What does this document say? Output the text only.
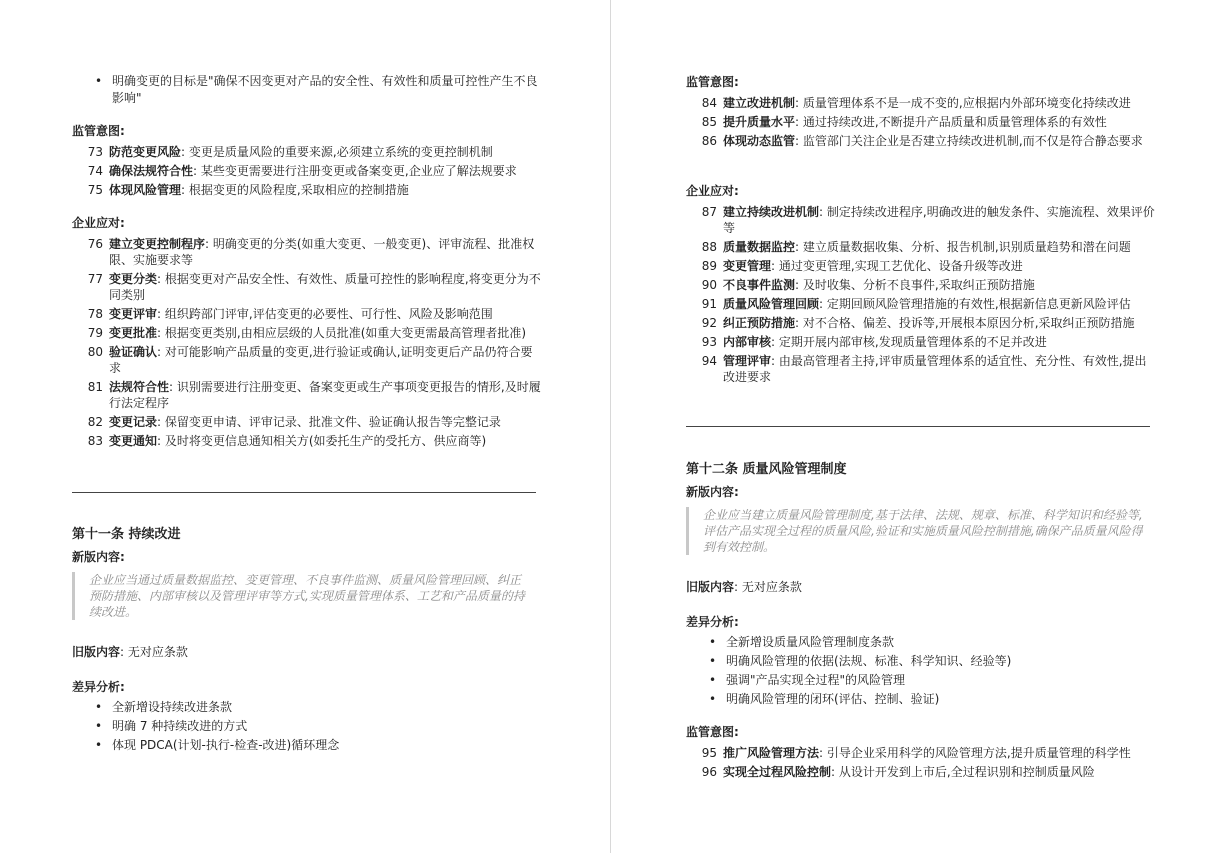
• 明确变更的目标是"确保不因变更对产品的安全性、有效性和质量可控性产生不良影响"
监管意图:
73 防范变更风险: 变更是质量风险的重要来源,必须建立系统的变更控制机制
74 确保法规符合性: 某些变更需要进行注册变更或备案变更,企业应了解法规要求
75 体现风险管理: 根据变更的风险程度,采取相应的控制措施
企业应对:
76 建立变更控制程序: 明确变更的分类(如重大变更、一般变更)、评审流程、批准权限、实施要求等
77 变更分类: 根据变更对产品安全性、有效性、质量可控性的影响程度,将变更分为不同类别
78 变更评审: 组织跨部门评审,评估变更的必要性、可行性、风险及影响范围
79 变更批准: 根据变更类别,由相应层级的人员批准(如重大变更需最高管理者批准)
80 验证确认: 对可能影响产品质量的变更,进行验证或确认,证明变更后产品仍符合要求
81 法规符合性: 识别需要进行注册变更、备案变更或生产事项变更报告的情形,及时履行法定程序
82 变更记录: 保留变更申请、评审记录、批准文件、验证确认报告等完整记录
83 变更通知: 及时将变更信息通知相关方(如委托生产的受托方、供应商等)
第十一条 持续改进
新版内容:
企业应当通过质量数据监控、变更管理、不良事件监测、质量风险管理回顾、纠正预防措施、内部审核以及管理评审等方式,实现质量管理体系、工艺和产品质量的持续改进。
旧版内容: 无对应条款
差异分析:
• 全新增设持续改进条款
• 明确 7 种持续改进的方式
• 体现 PDCA(计划-执行-检查-改进)循环理念
监管意图:
84 建立改进机制: 质量管理体系不是一成不变的,应根据内外部环境变化持续改进
85 提升质量水平: 通过持续改进,不断提升产品质量和质量管理体系的有效性
86 体现动态监管: 监管部门关注企业是否建立持续改进机制,而不仅是符合静态要求
企业应对:
87 建立持续改进机制: 制定持续改进程序,明确改进的触发条件、实施流程、效果评价等
88 质量数据监控: 建立质量数据收集、分析、报告机制,识别质量趋势和潜在问题
89 变更管理: 通过变更管理,实现工艺优化、设备升级等改进
90 不良事件监测: 及时收集、分析不良事件,采取纠正预防措施
91 质量风险管理回顾: 定期回顾风险管理措施的有效性,根据新信息更新风险评估
92 纠正预防措施: 对不合格、偏差、投诉等,开展根本原因分析,采取纠正预防措施
93 内部审核: 定期开展内部审核,发现质量管理体系的不足并改进
94 管理评审: 由最高管理者主持,评审质量管理体系的适宜性、充分性、有效性,提出改进要求
第十二条 质量风险管理制度
新版内容:
企业应当建立质量风险管理制度,基于法律、法规、规章、标准、科学知识和经验等,评估产品实现全过程的质量风险,验证和实施质量风险控制措施,确保产品质量风险得到有效控制。
旧版内容: 无对应条款
差异分析:
• 全新增设质量风险管理制度条款
• 明确风险管理的依据(法规、标准、科学知识、经验等)
• 强调"产品实现全过程"的风险管理
• 明确风险管理的闭环(评估、控制、验证)
监管意图:
95 推广风险管理方法: 引导企业采用科学的风险管理方法,提升质量管理的科学性
96 实现全过程风险控制: 从设计开发到上市后,全过程识别和控制质量风险
